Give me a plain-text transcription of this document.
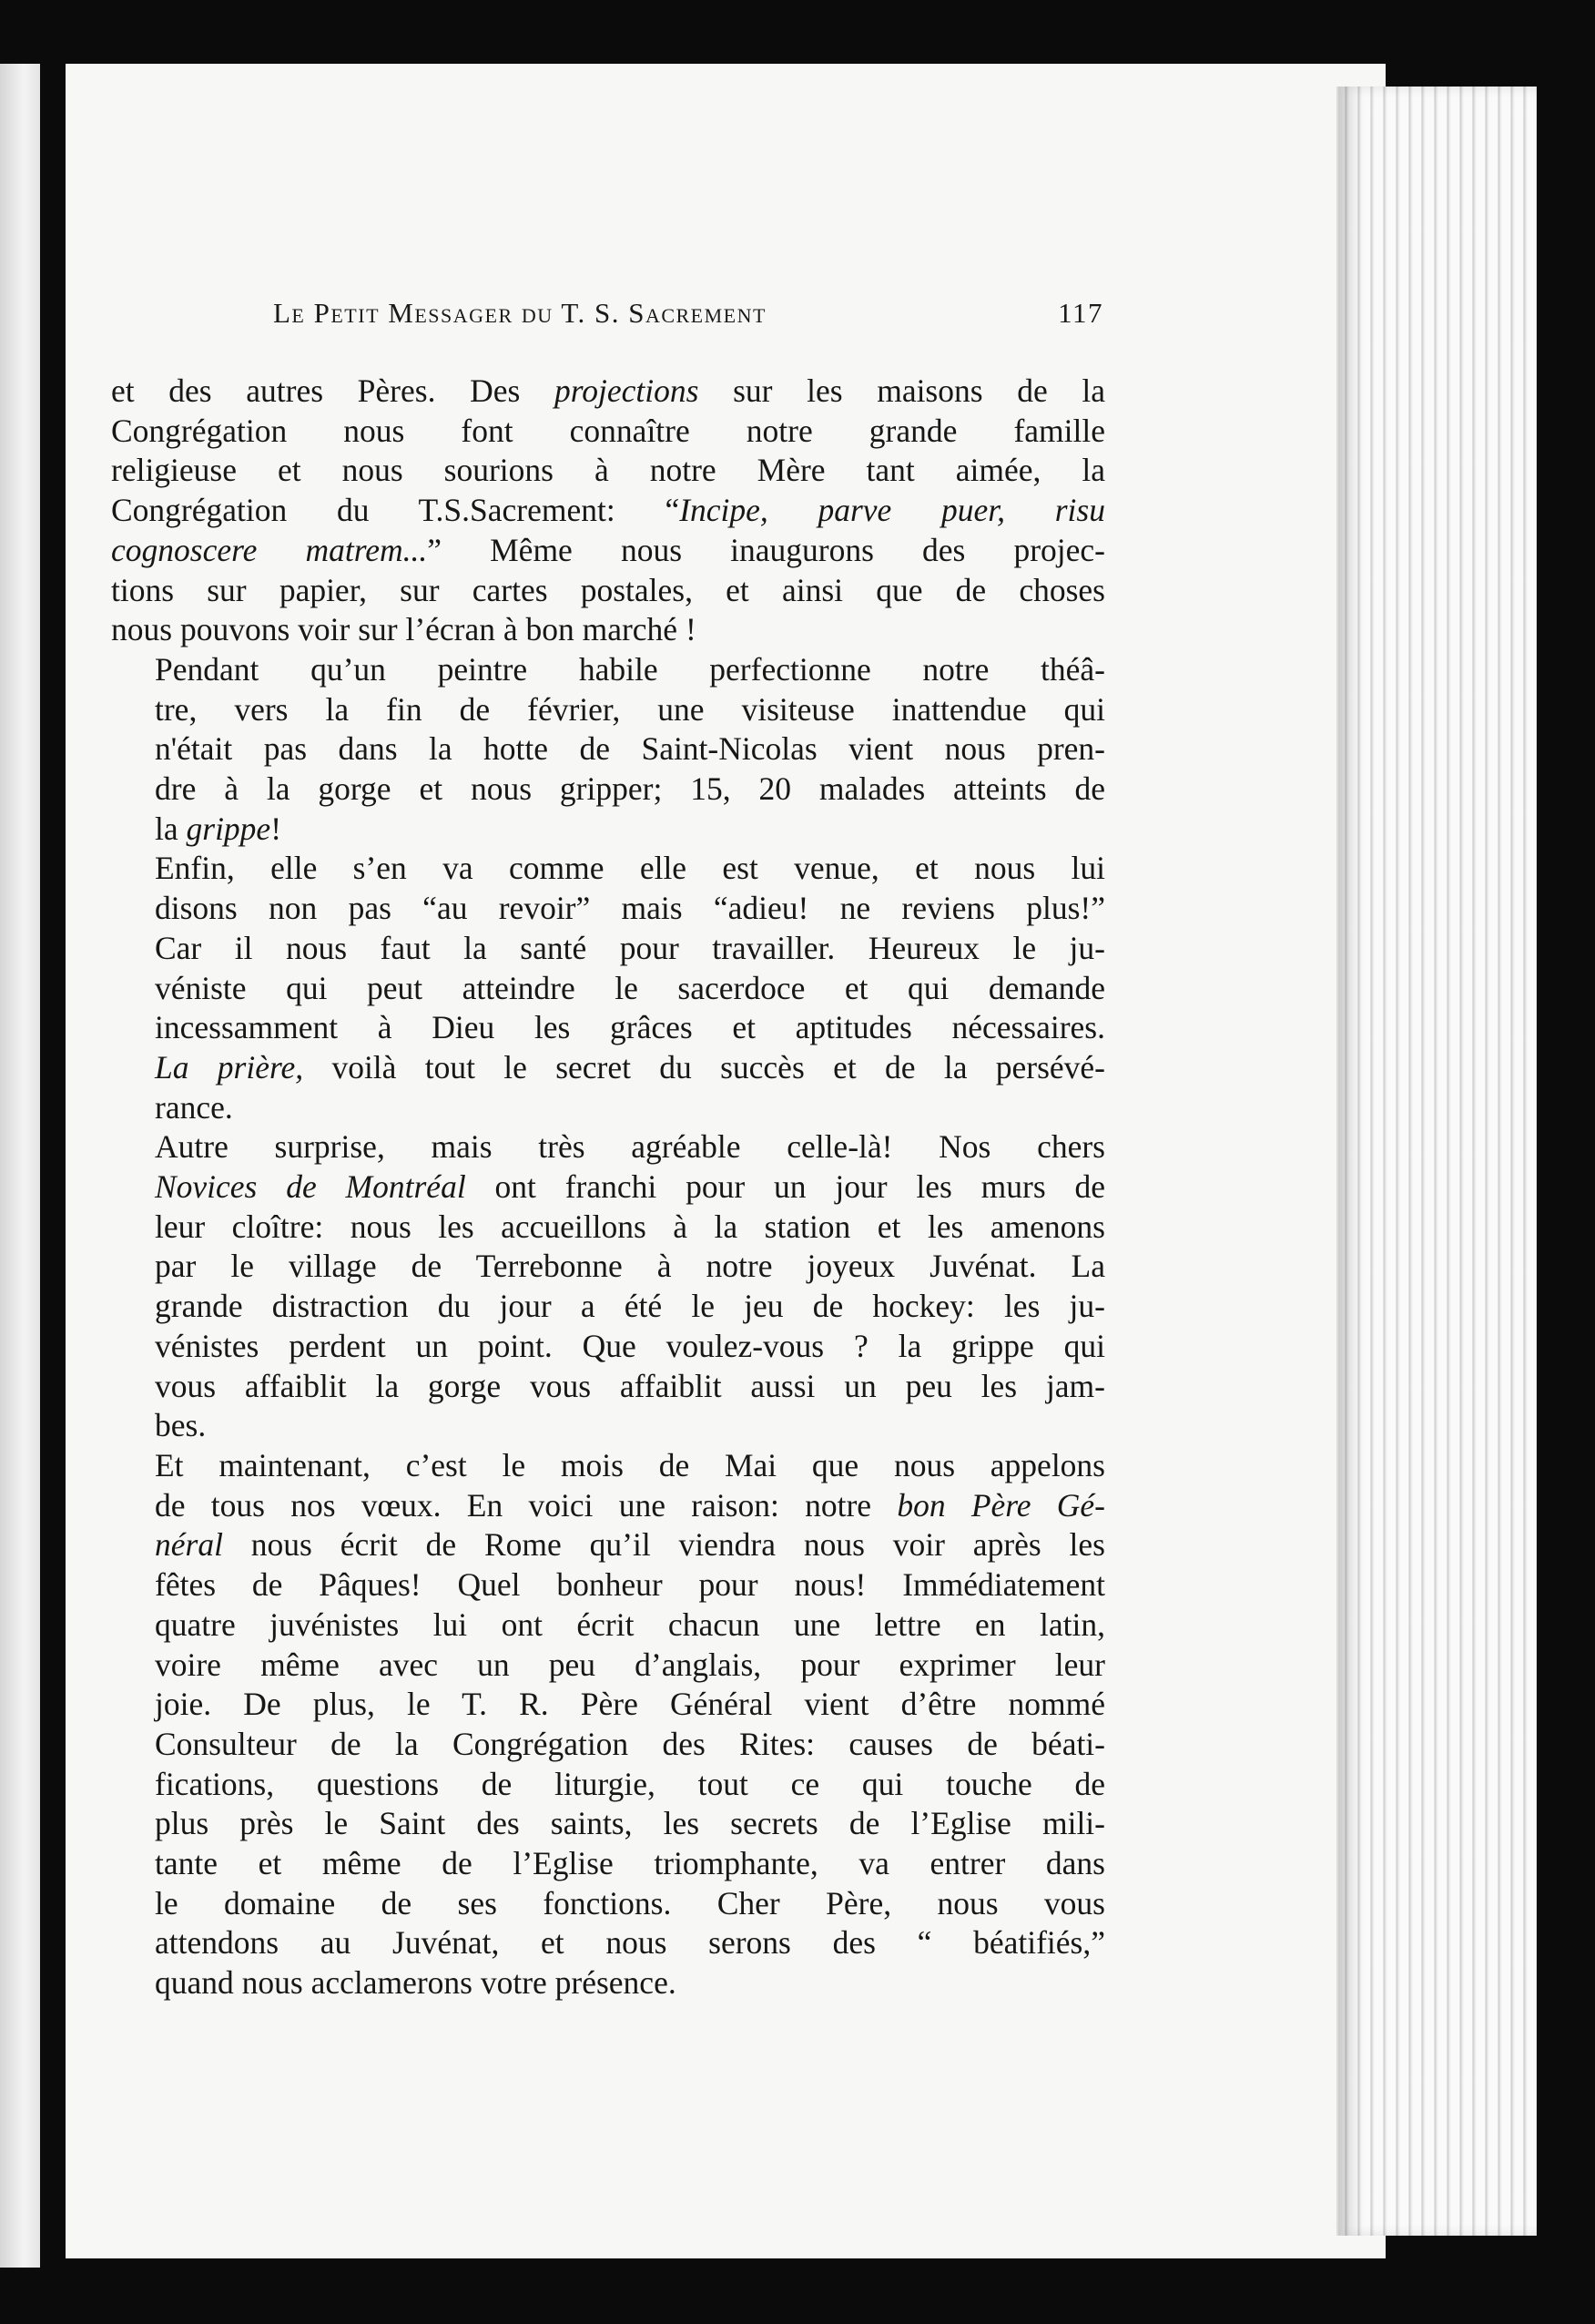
Le Petit Messager du T. S. Sacrement	117

et des autres Pères. Des projections sur les maisons de la
Congrégation nous font connaître notre grande famille
religieuse et nous sourions à notre Mère tant aimée, la
Congrégation du T.S.Sacrement: “Incipe, parve puer, risu
cognoscere matrem...” Même nous inaugurons des projec-
tions sur papier, sur cartes postales, et ainsi que de choses
nous pouvons voir sur l’écran à bon marché !

Pendant qu’un peintre habile perfectionne notre théâ-
tre, vers la fin de février, une visiteuse inattendue qui
n'était pas dans la hotte de Saint-Nicolas vient nous pren-
dre à la gorge et nous gripper; 15, 20 malades atteints de
la grippe!

Enfin, elle s’en va comme elle est venue, et nous lui
disons non pas “au revoir” mais “adieu! ne reviens plus!”
Car il nous faut la santé pour travailler. Heureux le ju-
véniste qui peut atteindre le sacerdoce et qui demande
incessamment à Dieu les grâces et aptitudes nécessaires.
La prière, voilà tout le secret du succès et de la persévé-
rance.

Autre surprise, mais très agréable celle-là! Nos chers
Novices de Montréal ont franchi pour un jour les murs de
leur cloître: nous les accueillons à la station et les amenons
par le village de Terrebonne à notre joyeux Juvénat. La
grande distraction du jour a été le jeu de hockey: les ju-
vénistes perdent un point. Que voulez-vous ? la grippe qui
vous affaiblit la gorge vous affaiblit aussi un peu les jam-
bes.

Et maintenant, c’est le mois de Mai que nous appelons
de tous nos vœux. En voici une raison: notre bon Père Gé-
néral nous écrit de Rome qu’il viendra nous voir après les
fêtes de Pâques! Quel bonheur pour nous! Immédiatement
quatre juvénistes lui ont écrit chacun une lettre en latin,
voire même avec un peu d’anglais, pour exprimer leur
joie. De plus, le T. R. Père Général vient d’être nommé
Consulteur de la Congrégation des Rites: causes de béati-
fications, questions de liturgie, tout ce qui touche de
plus près le Saint des saints, les secrets de l’Eglise mili-
tante et même de l’Eglise triomphante, va entrer dans
le domaine de ses fonctions. Cher Père, nous vous
attendons au Juvénat, et nous serons des “ béatifiés,”
quand nous acclamerons votre présence.
